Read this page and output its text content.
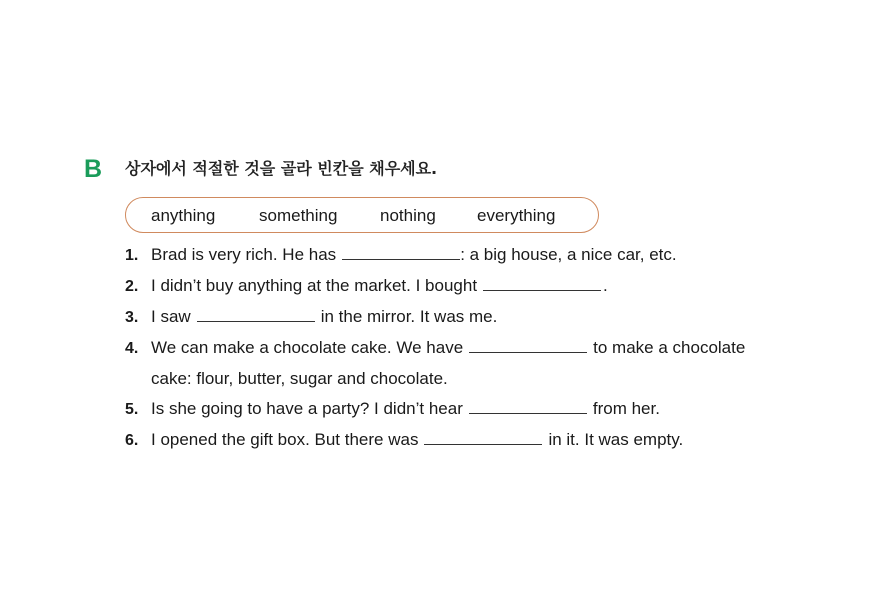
B 상자에서 적절한 것을 골라 빈칸을 채우세요.
anything	something	nothing everything
1. Brad is very rich. He has	: a big house, a nice car, etc.
2. I didn’t buy anything at the market. I bought	.
3. I saw	in the mirror. It was me.
4. We can make a chocolate cake. We have	to make a chocolate
cake: flour, butter, sugar and chocolate.
5. Is she going to have a party? I didn’t hear	from her.
6. I opened the gift box. But there was	in it. It was empty.
